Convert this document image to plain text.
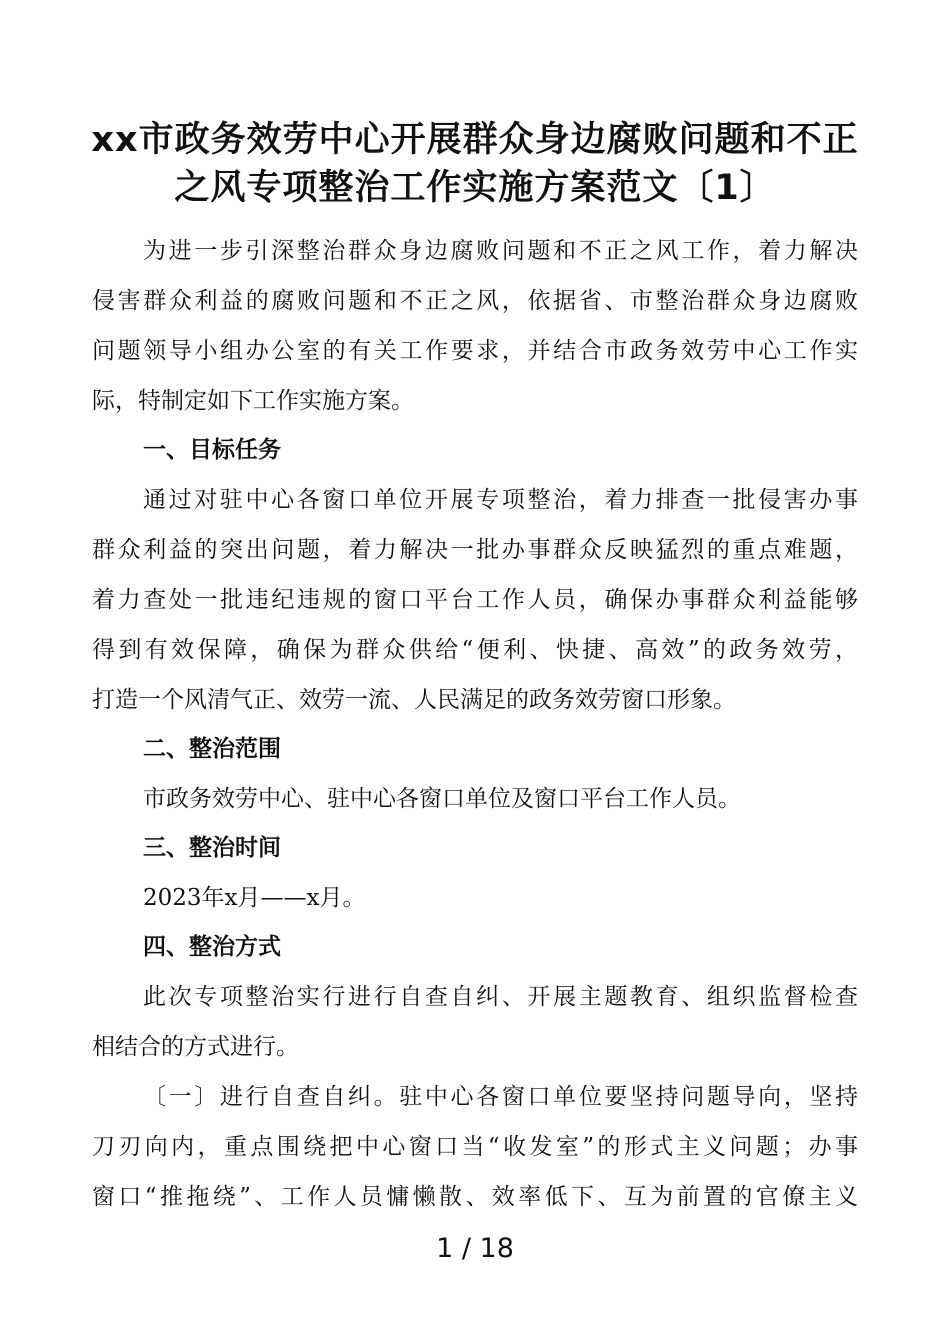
xx市政务效劳中心开展群众身边腐败问题和不正
之风专项整治工作实施方案范文〔1〕
为进一步引深整治群众身边腐败问题和不正之风工作，着力解决
侵害群众利益的腐败问题和不正之风，依据省、市整治群众身边腐败
问题领导小组办公室的有关工作要求，并结合市政务效劳中心工作实
际，特制定如下工作实施方案。
一、目标任务
通过对驻中心各窗口单位开展专项整治，着力排查一批侵害办事
群众利益的突出问题，着力解决一批办事群众反映猛烈的重点难题，
着力查处一批违纪违规的窗口平台工作人员，确保办事群众利益能够
得到有效保障，确保为群众供给“便利、快捷、高效”的政务效劳，
打造一个风清气正、效劳一流、人民满足的政务效劳窗口形象。
二、整治范围
市政务效劳中心、驻中心各窗口单位及窗口平台工作人员。
三、整治时间
2023年x月——x月。
四、整治方式
此次专项整治实行进行自查自纠、开展主题教育、组织监督检查
相结合的方式进行。
〔一〕进行自查自纠。驻中心各窗口单位要坚持问题导向，坚持
刀刃向内，重点围绕把中心窗口当“收发室”的形式主义问题；办事
窗口“推拖绕”、工作人员慵懒散、效率低下、互为前置的官僚主义
1 / 18
